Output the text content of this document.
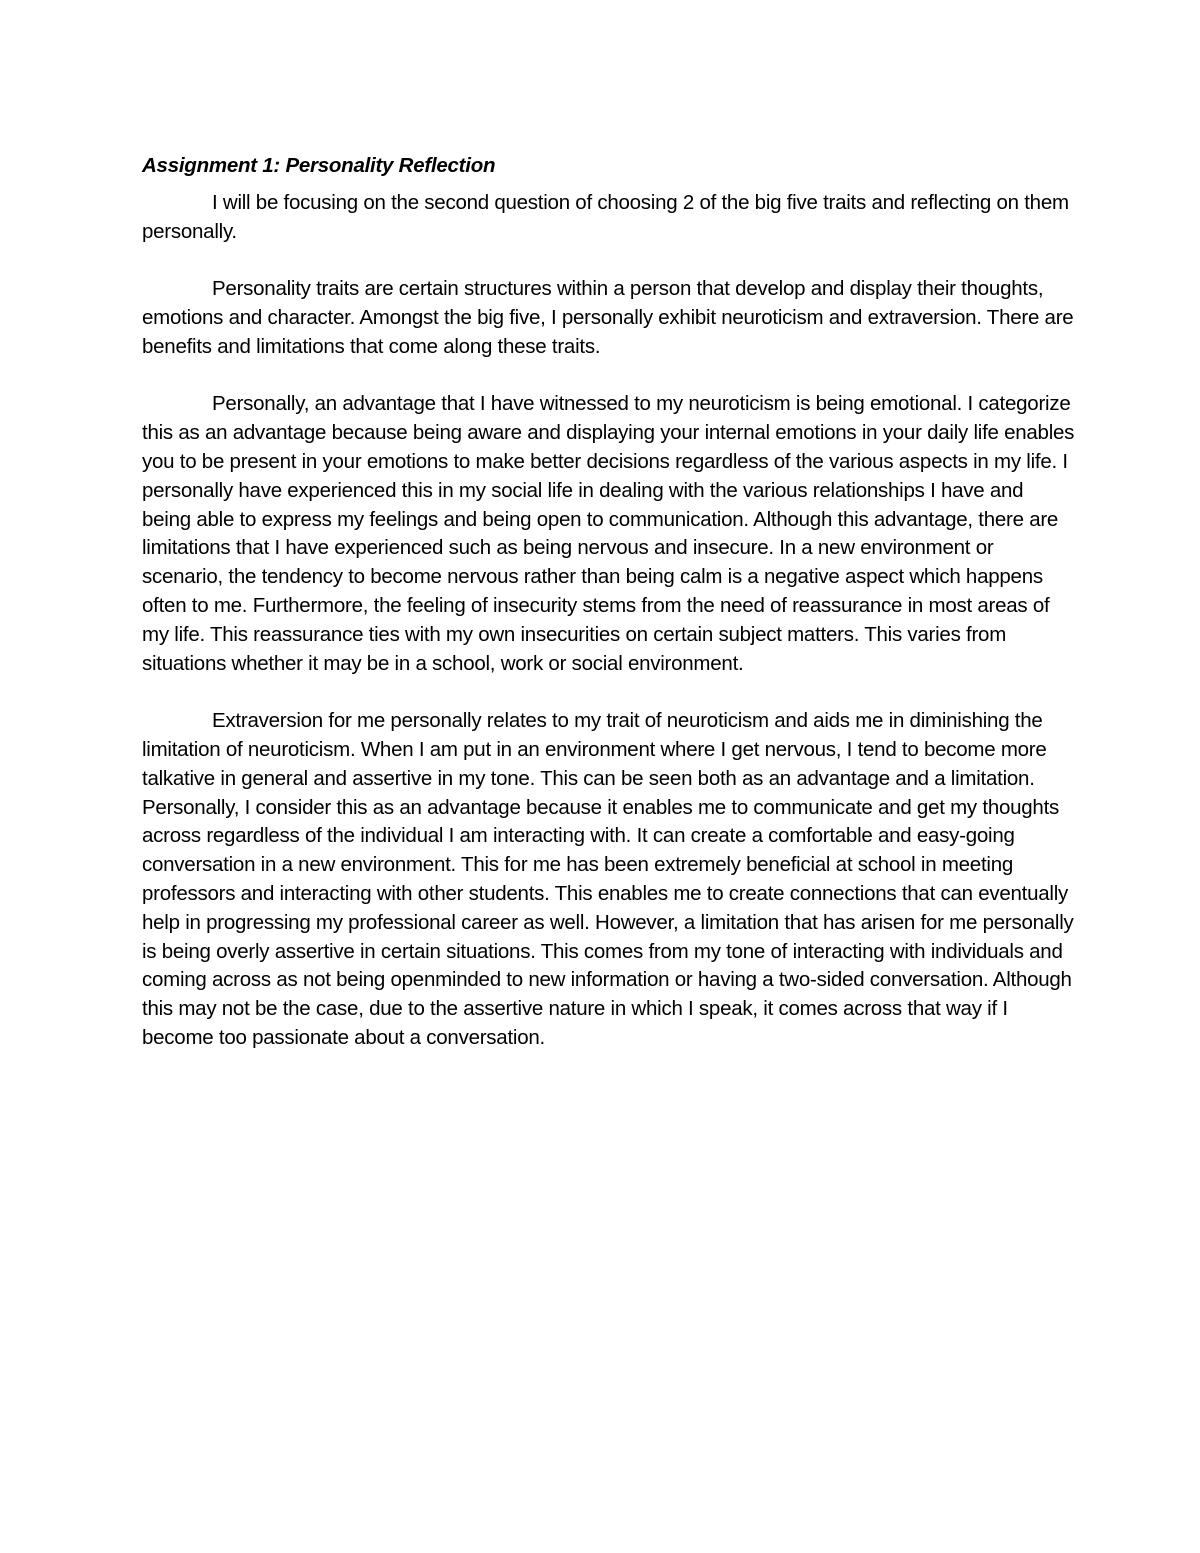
Assignment 1: Personality Reflection

I will be focusing on the second question of choosing 2 of the big five traits and reflecting on them personally.

Personality traits are certain structures within a person that develop and display their thoughts, emotions and character. Amongst the big five, I personally exhibit neuroticism and extraversion. There are benefits and limitations that come along these traits.

Personally, an advantage that I have witnessed to my neuroticism is being emotional. I categorize this as an advantage because being aware and displaying your internal emotions in your daily life enables you to be present in your emotions to make better decisions regardless of the various aspects in my life. I personally have experienced this in my social life in dealing with the various relationships I have and being able to express my feelings and being open to communication. Although this advantage, there are limitations that I have experienced such as being nervous and insecure. In a new environment or scenario, the tendency to become nervous rather than being calm is a negative aspect which happens often to me. Furthermore, the feeling of insecurity stems from the need of reassurance in most areas of my life. This reassurance ties with my own insecurities on certain subject matters. This varies from situations whether it may be in a school, work or social environment.

Extraversion for me personally relates to my trait of neuroticism and aids me in diminishing the limitation of neuroticism. When I am put in an environment where I get nervous, I tend to become more talkative in general and assertive in my tone. This can be seen both as an advantage and a limitation. Personally, I consider this as an advantage because it enables me to communicate and get my thoughts across regardless of the individual I am interacting with. It can create a comfortable and easy-going conversation in a new environment. This for me has been extremely beneficial at school in meeting professors and interacting with other students. This enables me to create connections that can eventually help in progressing my professional career as well. However, a limitation that has arisen for me personally is being overly assertive in certain situations. This comes from my tone of interacting with individuals and coming across as not being openminded to new information or having a two-sided conversation. Although this may not be the case, due to the assertive nature in which I speak, it comes across that way if I become too passionate about a conversation.
